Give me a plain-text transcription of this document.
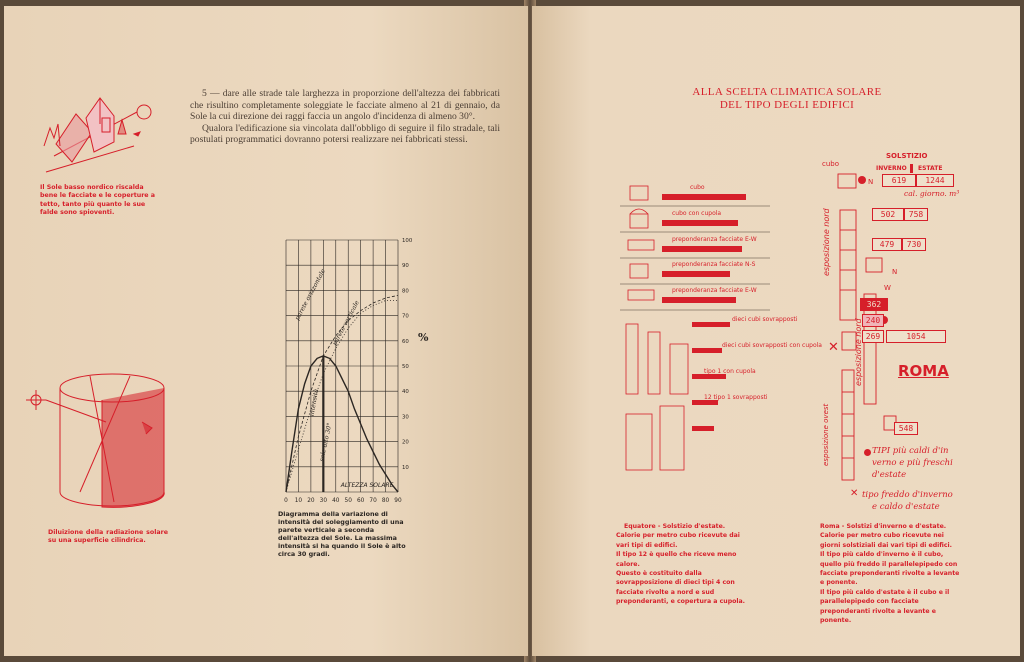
Il Sole basso nordico riscalda bene le facciate e le coperture a tetto, tanto più quanto le sue falde sono spioventi.

5 — dare alle strade tale larghezza in proporzione dell'altezza dei fabbricati che risultino completamente soleggiate le facciate almeno al 21 di gennaio, da Sole la cui direzione dei raggi faccia un angolo d'incidenza di almeno 30°.

Qualora l'edificazione sia vincolata dall'obbligo di seguire il filo stradale, tali postulati programmatici dovranno potersi realizzare nei fabbricati stessi.

Diluizione della radiazione solare su una superficie cilindrica.
0 10 20 30 40 50 60 70 80 90
10
20
30
40
50
60
70
80
90
100
%
ALTEZZA SOLARE
intensità
sole alto 30°
parete orizzontale
parete verticale
Diagramma della variazione di intensità del soleggiamento di una parete verticale a seconda dell'altezza del Sole. La massima intensità si ha quando il Sole è alto circa 30 gradi.
ALLA SCELTA CLIMATICA SOLARE
DEL TIPO DEGLI EDIFICI
cubo
cubo con cupola
preponderanza facciate E-W
preponderanza facciate N-S
preponderanza facciate E-W
dieci cubi sovrapposti
dieci cubi sovrapposti con cupola
tipo 1 con cupola
12 tipo 1 sovrapposti
Equatore - Solstizio d'estate.
Calorie per metro cubo ricevute dai vari tipi di edifici.
Il tipo 12 è quello che riceve meno calore.
Questo è costituito dalla sovrapposizione di dieci tipi 4 con facciate rivolte a nord e sud preponderanti, e copertura a cupola.
SOLSTIZIO
cubo
INVERNO ESTATE
N
N
W
619	1244
cal. giorno. m³
502	758
479	730
362
240
269	1054
548
esposizione nord
esposizione nord
esposizione ovest
ROMA
✕
TIPI più caldi d'in
verno e più freschi
d'estate
✕ tipo freddo d'inverno
e caldo d'estate
Roma - Solstizi d'inverno e d'estate.
Calorie per metro cubo ricevute nei giorni solstiziali dai vari tipi di edifici.
Il tipo più caldo d'inverno è il cubo, quello più freddo il parallelepipedo con facciate preponderanti rivolte a levante e ponente.
Il tipo più caldo d'estate è il cubo e il parallelepipedo con facciate preponderanti rivolte a levante e ponente.
